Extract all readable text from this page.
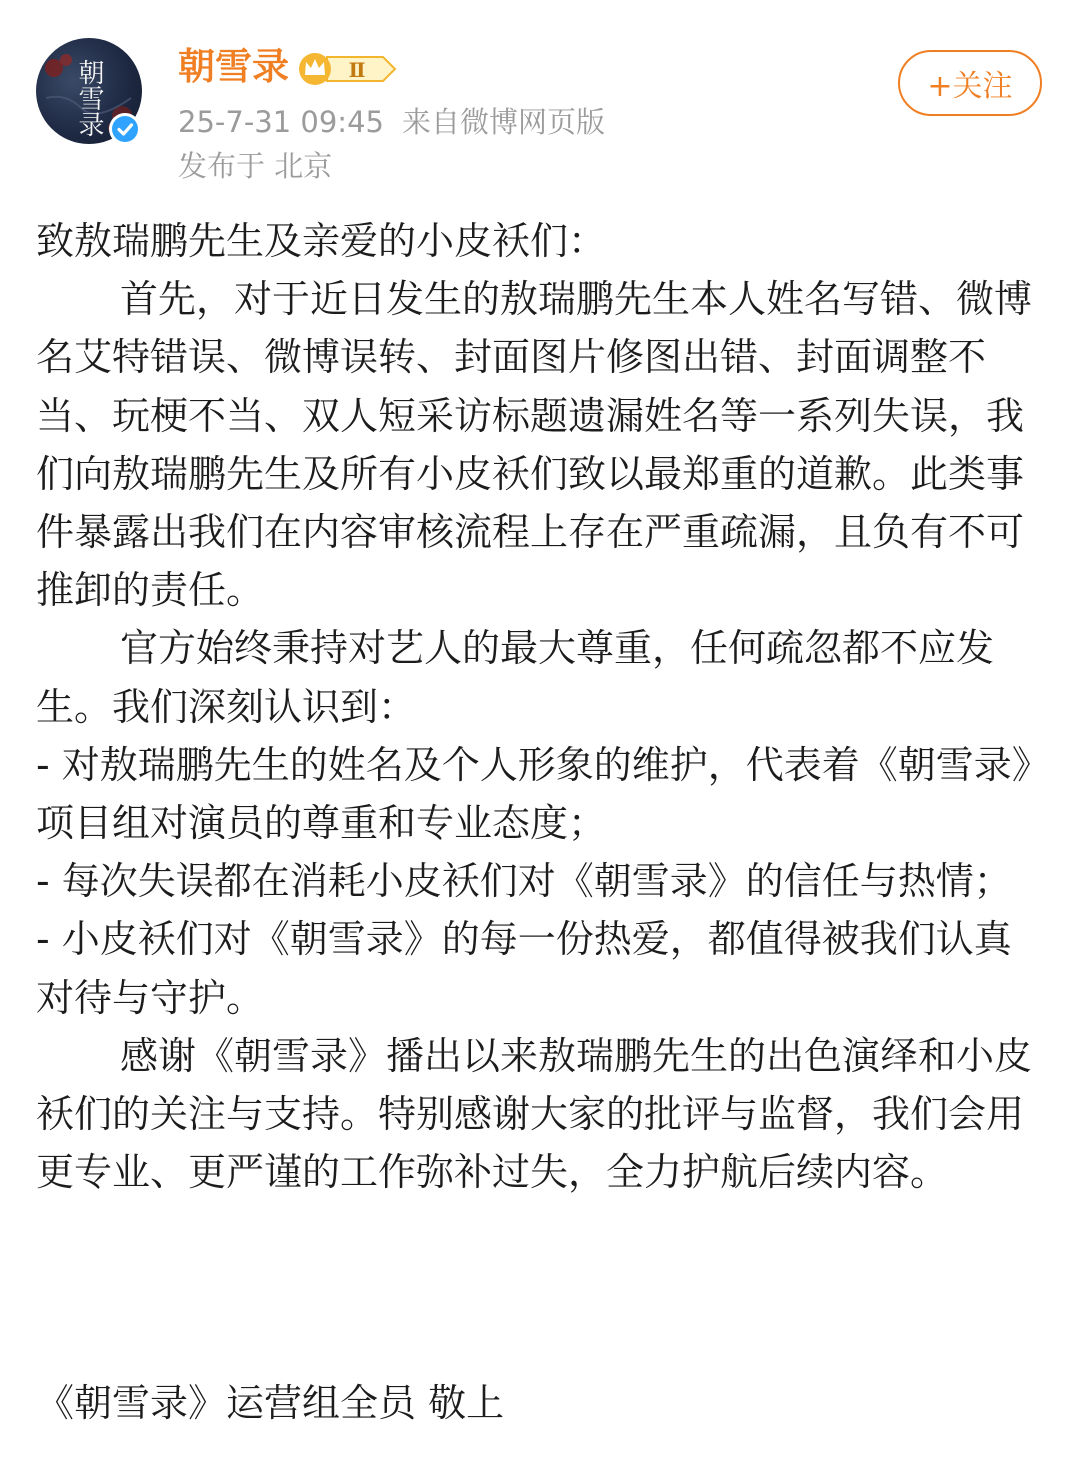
朝雪录 朝雪录	Ⅱ
25-7-31 09:45 来自微博网页版
发布于 北京
+关注

致敖瑞鹏先生及亲爱的小皮袄们：

首先，对于近日发生的敖瑞鹏先生本人姓名写错、微博名艾特错误、微博误转、封面图片修图出错、封面调整不当、玩梗不当、双人短采访标题遗漏姓名等一系列失误，我们向敖瑞鹏先生及所有小皮袄们致以最郑重的道歉。此类事件暴露出我们在内容审核流程上存在严重疏漏，且负有不可推卸的责任。

官方始终秉持对艺人的最大尊重，任何疏忽都不应发生。我们深刻认识到：

- 对敖瑞鹏先生的姓名及个人形象的维护，代表着《朝雪录》项目组对演员的尊重和专业态度；

- 每次失误都在消耗小皮袄们对《朝雪录》的信任与热情；

- 小皮袄们对《朝雪录》的每一份热爱，都值得被我们认真对待与守护。

感谢《朝雪录》播出以来敖瑞鹏先生的出色演绎和小皮袄们的关注与支持。特别感谢大家的批评与监督，我们会用更专业、更严谨的工作弥补过失，全力护航后续内容。

《朝雪录》运营组全员 敬上
